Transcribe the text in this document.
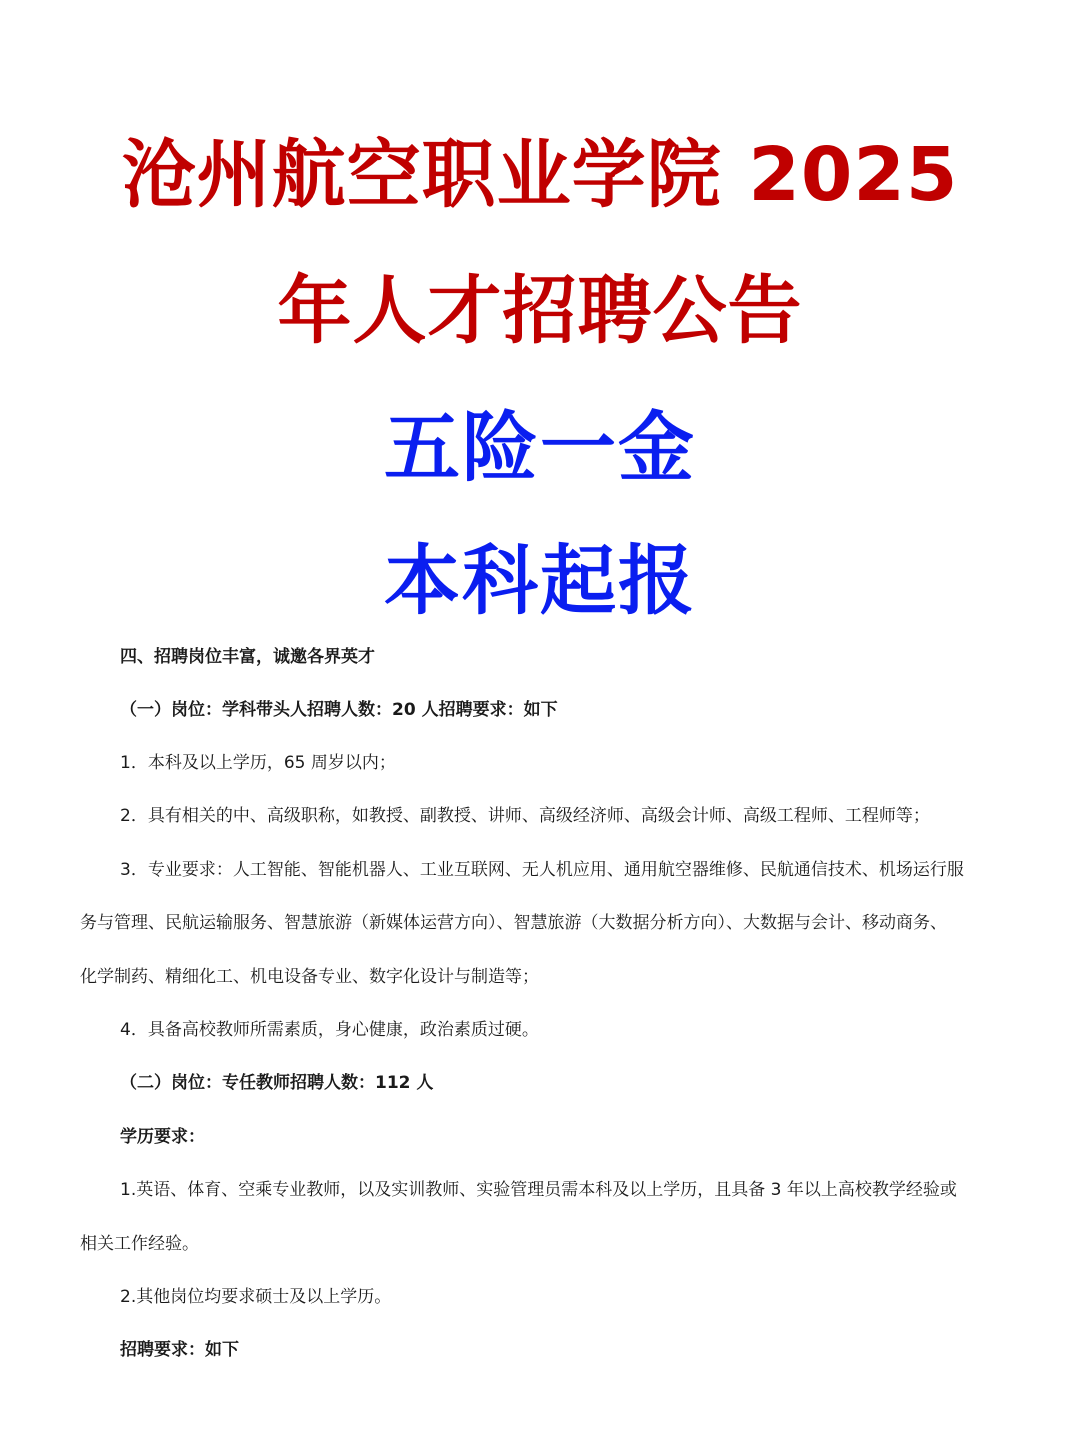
沧州航空职业学院 2025
年人才招聘公告
五险一金
本科起报

四、招聘岗位丰富，诚邀各界英才

（一）岗位：学科带头人招聘人数：20 人招聘要求：如下

1．本科及以上学历，65 周岁以内；

2．具有相关的中、高级职称，如教授、副教授、讲师、高级经济师、高级会计师、高级工程师、工程师等；

3．专业要求：人工智能、智能机器人、工业互联网、无人机应用、通用航空器维修、民航通信技术、机场运行服

务与管理、民航运输服务、智慧旅游（新媒体运营方向）、智慧旅游（大数据分析方向）、大数据与会计、移动商务、

化学制药、精细化工、机电设备专业、数字化设计与制造等；

4．具备高校教师所需素质，身心健康，政治素质过硬。

（二）岗位：专任教师招聘人数：112 人

学历要求：

1.英语、体育、空乘专业教师，以及实训教师、实验管理员需本科及以上学历，且具备 3 年以上高校教学经验或

相关工作经验。

2.其他岗位均要求硕士及以上学历。

招聘要求：如下
